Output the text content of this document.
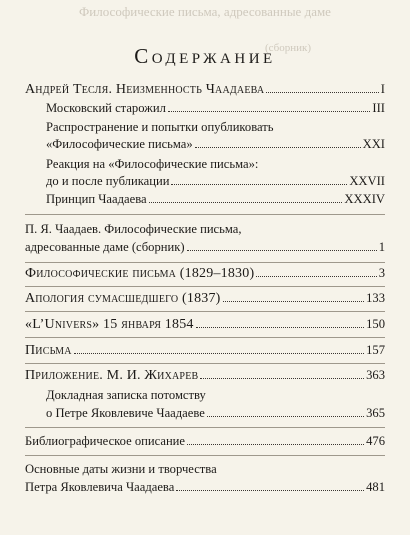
Философические письма, адресованные даме
(сборник)
Содержание
Андрей Тесля. Неизменность Чаадаева	I
Московский старожил	III
Распространение и попытки опубликовать
«Философические письма»	XXI
Реакция на «Философические письма»:
до и после публикации	XXVII
Принцип Чаадаева	XXXIV
П. Я. Чаадаев. Философические письма,
адресованные даме (сборник)	1
Философические письма (1829–1830)	3
Апология сумасшедшего (1837)	133
«L’Univers» 15 января 1854	150
Письма	157
Приложение. М. И. Жихарев	363
Докладная записка потомству
о Петре Яковлевиче Чаадаеве	365
Библиографическое описание	476
Основные даты жизни и творчества
Петра Яковлевича Чаадаева	481
